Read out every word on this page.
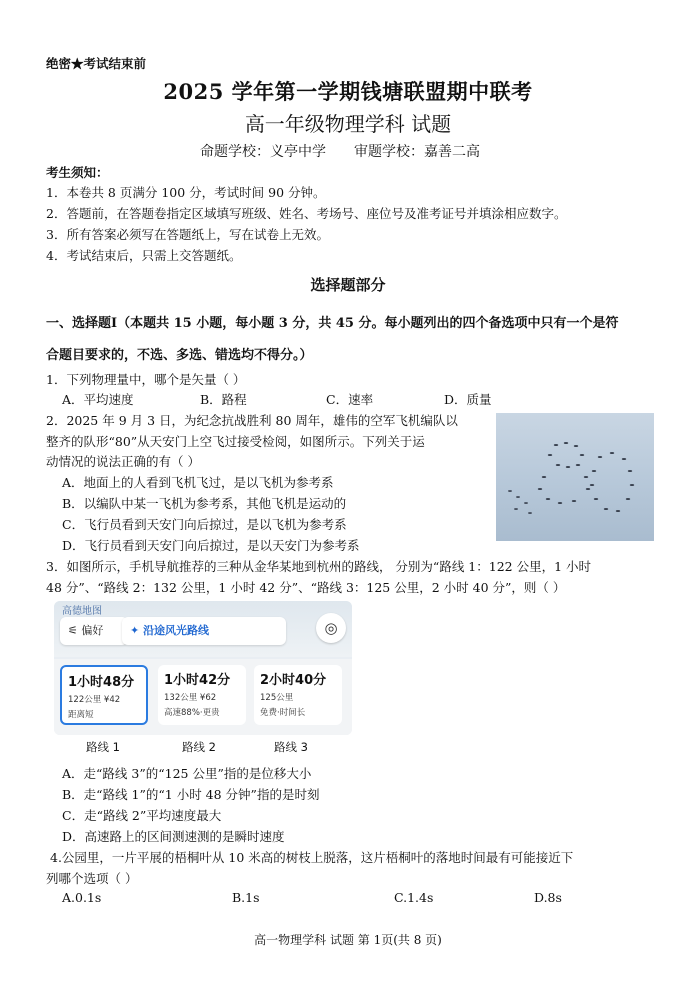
绝密★考试结束前
2025 学年第一学期钱塘联盟期中联考
高一年级物理学科 试题
命题学校：义亭中学 审题学校：嘉善二高
考生须知：
1．本卷共 8 页满分 100 分，考试时间 90 分钟。
2．答题前，在答题卷指定区域填写班级、姓名、考场号、座位号及准考证号并填涂相应数字。
3．所有答案必须写在答题纸上，写在试卷上无效。
4．考试结束后，只需上交答题纸。
选择题部分
一、选择题Ⅰ（本题共 15 小题，每小题 3 分，共 45 分。每小题列出的四个备选项中只有一个是符
合题目要求的，不选、多选、错选均不得分。）
1．下列物理量中，哪个是矢量（ ）
A．平均速度	B．路程	C．速率	D．质量
2．2025 年 9 月 3 日，为纪念抗战胜利 80 周年，雄伟的空军飞机编队以
整齐的队形“80”从天安门上空飞过接受检阅，如图所示。下列关于运
动情况的说法正确的有（ ）
A．地面上的人看到飞机飞过，是以飞机为参考系
B．以编队中某一飞机为参考系，其他飞机是运动的
C．飞行员看到天安门向后掠过，是以飞机为参考系
D．飞行员看到天安门向后掠过，是以天安门为参考系
3．如图所示，手机导航推荐的三种从金华某地到杭州的路线， 分别为“路线 1：122 公里，1 小时
48 分”、“路线 2：132 公里，1 小时 42 分”、“路线 3：125 公里，2 小时 40 分”，则（ ）
高德地图
⚟ 偏好	✦ 沿途风光路线	◎
1小时48分
122公里 ¥42
距离短
1小时42分
132公里 ¥62
高速88%·更贵
2小时40分
125公里
免费·时间长
路线 1	路线 2	路线 3
A．走“路线 3”的“125 公里”指的是位移大小
B．走“路线 1”的“1 小时 48 分钟”指的是时刻
C．走“路线 2”平均速度最大
D．高速路上的区间测速测的是瞬时速度
4.公园里，一片平展的梧桐叶从 10 米高的树枝上脱落，这片梧桐叶的落地时间最有可能接近下
列哪个选项（ ）
A.0.1s	B.1s	C.1.4s	D.8s
高一物理学科 试题 第 1页(共 8 页)
